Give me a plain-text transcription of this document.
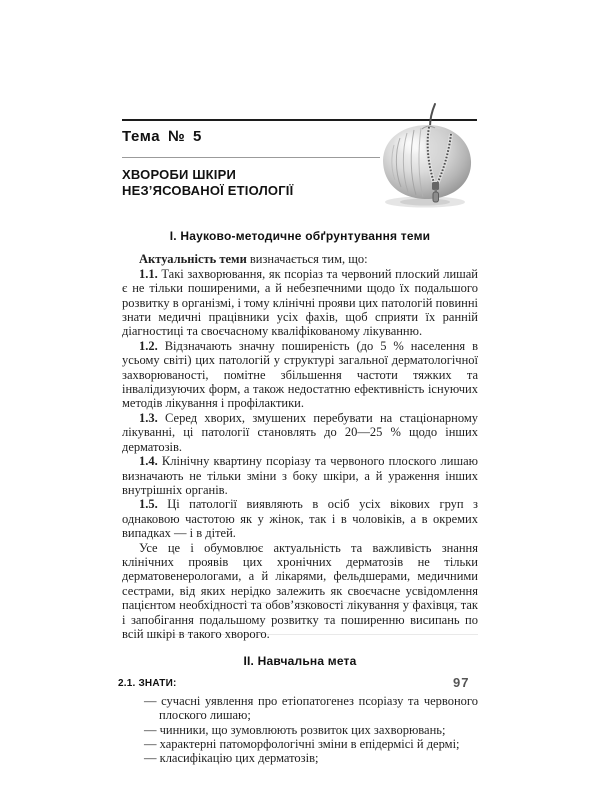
Тема № 5
ХВОРОБИ ШКІРИ
НЕЗ’ЯСОВАНОЇ ЕТІОЛОГІЇ
І. Науково-методичне обґрунтування теми

Актуальність теми визначається тим, що:

1.1. Такі захворювання, як псоріаз та червоний плоский лишай є не тільки поширеними, а й небезпечними щодо їх подальшого розвитку в організмі, і тому клінічні прояви цих патологій повинні знати медичні працівники усіх фахів, щоб сприяти їх ранній діагностиці та своєчасному кваліфікованому лікуванню.

1.2. Відзначають значну поширеність (до 5 % населення в усьому світі) цих патологій у структурі загальної дерматологічної захворюваності, помітне збільшення частоти тяжких та інвалідизуючих форм, а також недостатню ефективність існуючих методів лікування і профілактики.

1.3. Серед хворих, змушених перебувати на стаціонарному лікуванні, ці патології становлять до 20—25 % щодо інших дерматозів.

1.4. Клінічну квартину псоріазу та червоного плоского лишаю визначають не тільки зміни з боку шкіри, а й ураження інших внутрішніх органів.

1.5. Ці патології виявляють в осіб усіх вікових груп з однаковою частотою як у жінок, так і в чоловіків, а в окремих випадках — і в дітей.

Усе це і обумовлює актуальність та важливість знання клінічних проявів цих хронічних дерматозів не тільки дерматовенерологами, а й лікарями, фельдшерами, медичними сестрами, від яких нерідко залежить як своєчасне усвідомлення пацієнтом необхідності та обов’язковості лікування у фахівця, так і запобігання подальшому розвитку та поширенню висипань по всій шкірі в такого хворого.

ІІ. Навчальна мета
2.1. ЗНАТИ:
— сучасні уявлення про етіопатогенез псоріазу та червоного плоского лишаю;
— чинники, що зумовлюють розвиток цих захворювань;
— характерні патоморфологічні зміни в епідермісі й дермі;
— класифікацію цих дерматозів;
97
